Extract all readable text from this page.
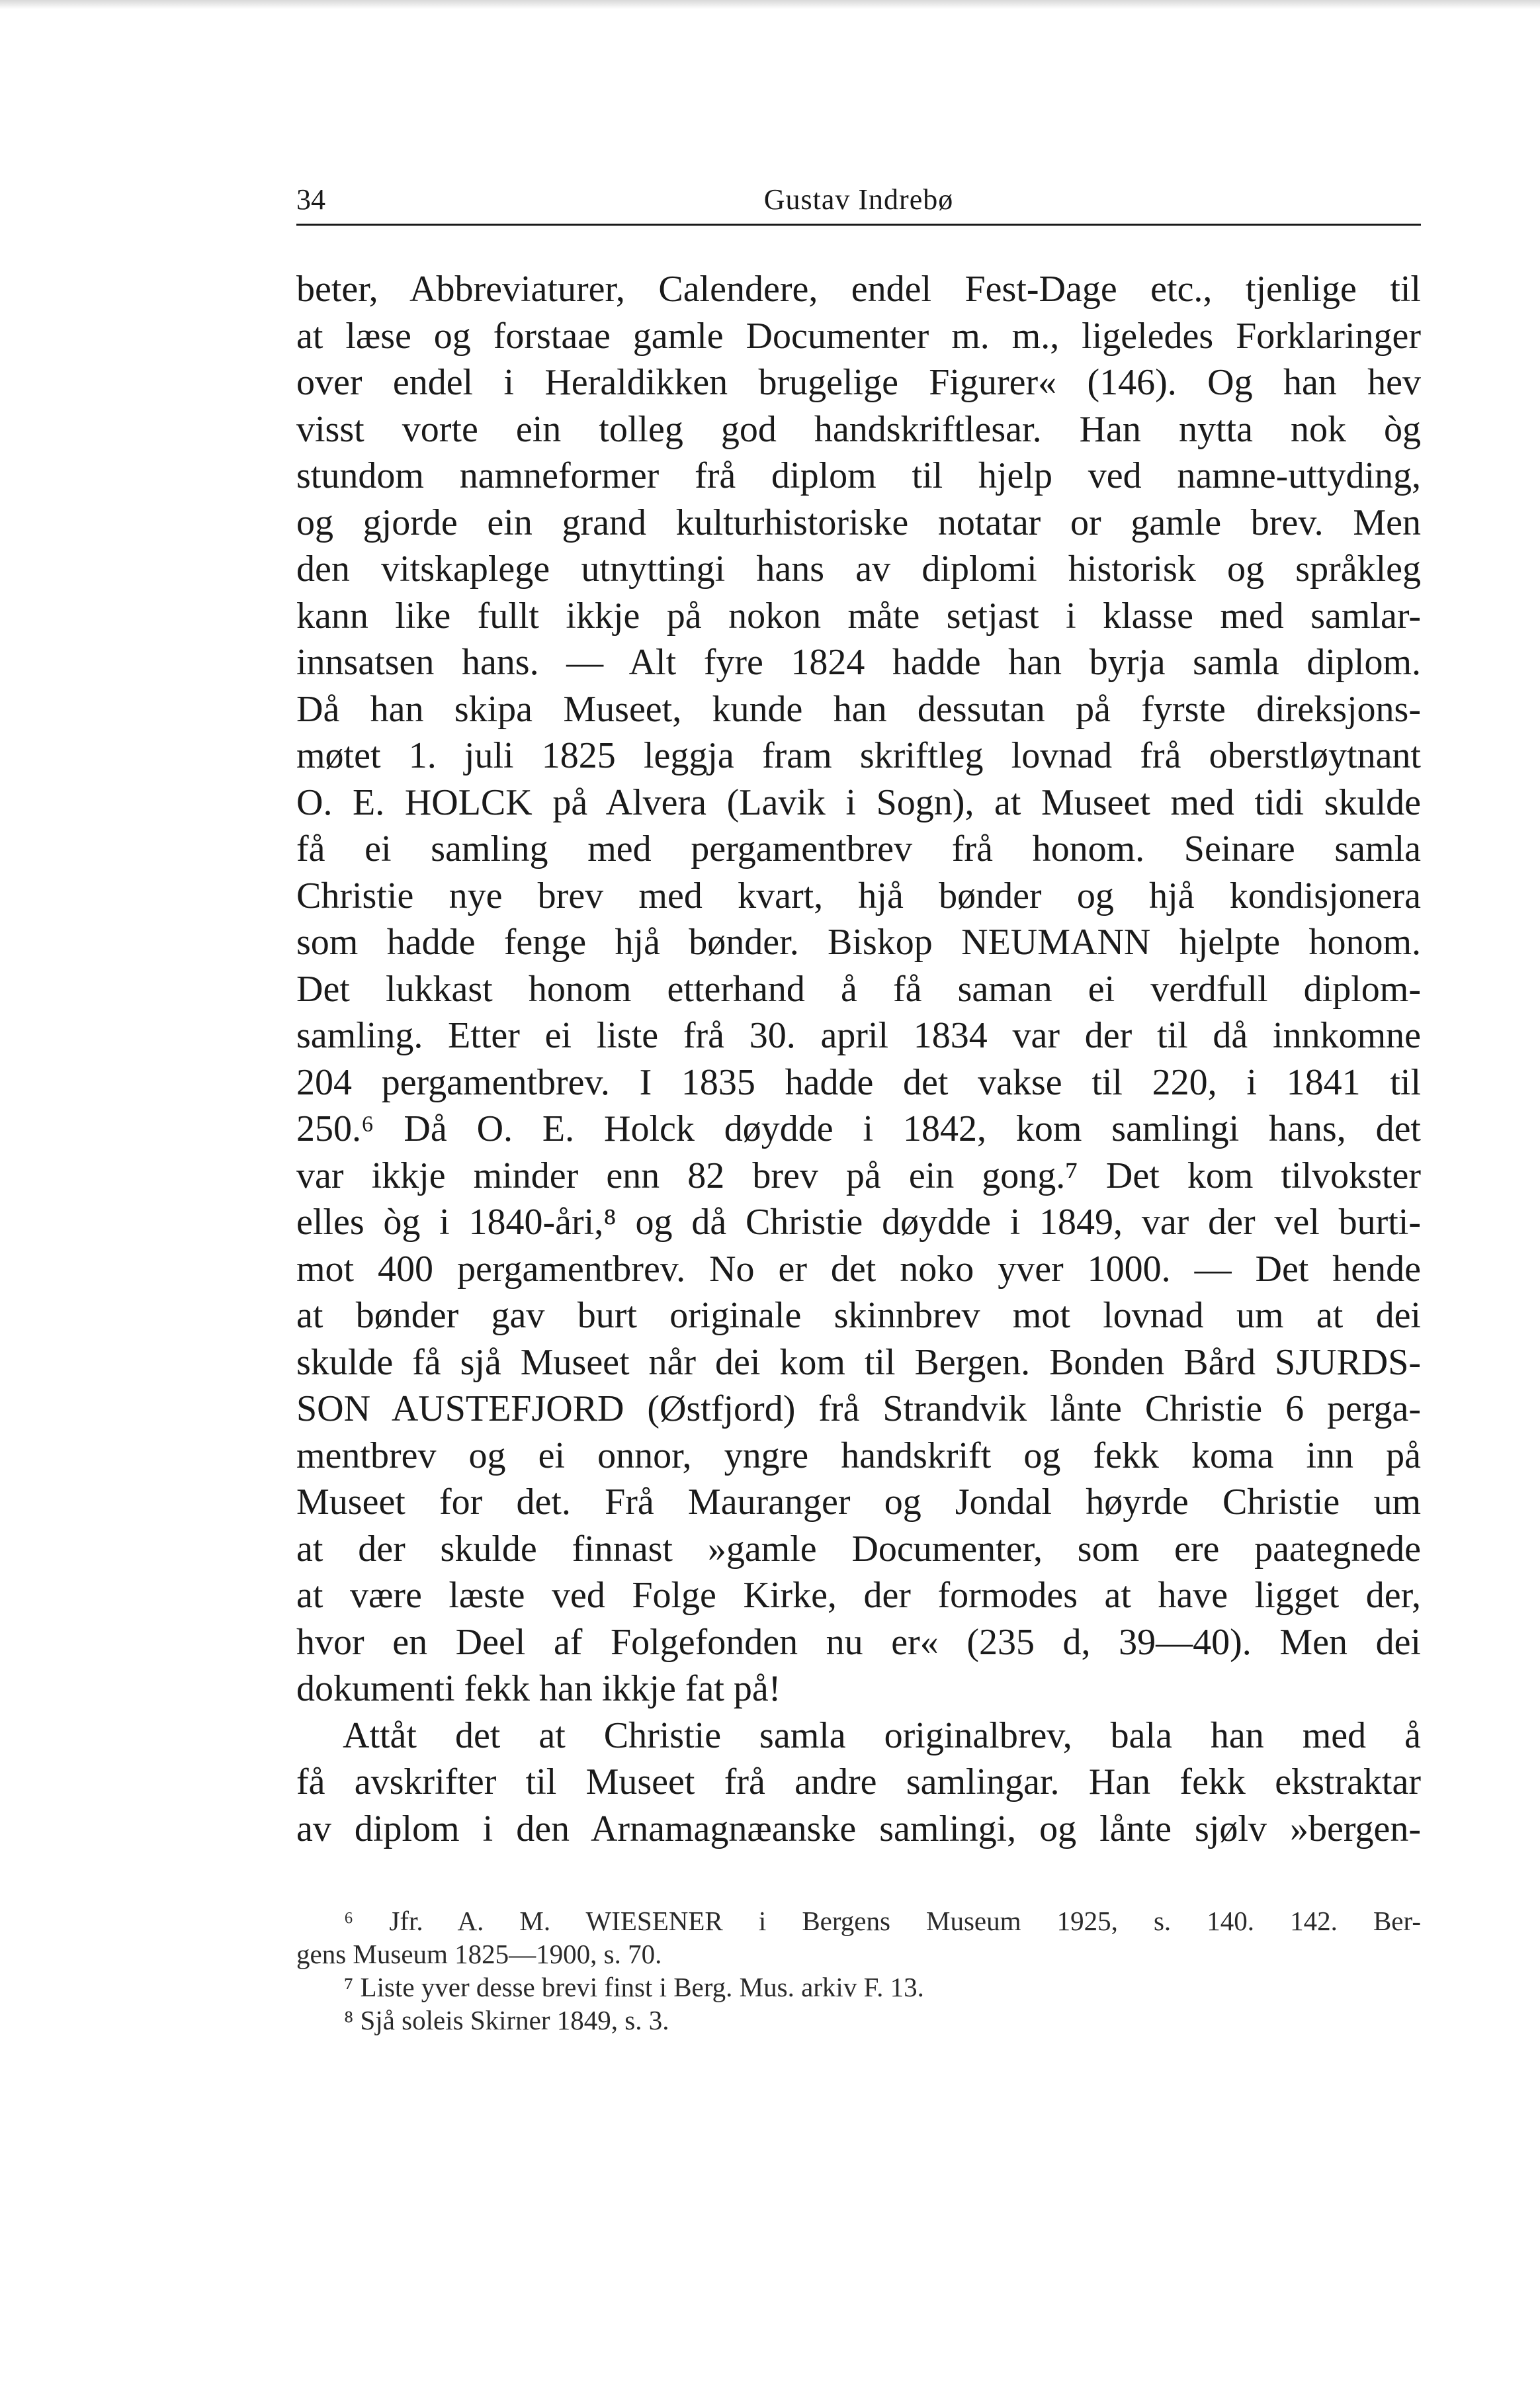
34	Gustav Indrebø
beter, Abbreviaturer, Calendere, endel Fest-Dage etc., tjenlige til
at læse og forstaae gamle Documenter m. m., ligeledes Forklaringer
over endel i Heraldikken brugelige Figurer« (146). Og han hev
visst vorte ein tolleg god handskriftlesar. Han nytta nok òg
stundom namneformer frå diplom til hjelp ved namne-uttyding,
og gjorde ein grand kulturhistoriske notatar or gamle brev. Men
den vitskaplege utnyttingi hans av diplomi historisk og språkleg
kann like fullt ikkje på nokon måte setjast i klasse med samlar-
innsatsen hans. — Alt fyre 1824 hadde han byrja samla diplom.
Då han skipa Museet, kunde han dessutan på fyrste direksjons-
møtet 1. juli 1825 leggja fram skriftleg lovnad frå oberstløytnant
O. E. HOLCK på Alvera (Lavik i Sogn), at Museet med tidi skulde
få ei samling med pergamentbrev frå honom. Seinare samla
Christie nye brev med kvart, hjå bønder og hjå kondisjonera
som hadde fenge hjå bønder. Biskop NEUMANN hjelpte honom.
Det lukkast honom etterhand å få saman ei verdfull diplom-
samling. Etter ei liste frå 30. april 1834 var der til då innkomne
204 pergamentbrev. I 1835 hadde det vakse til 220, i 1841 til
250.⁶ Då O. E. Holck døydde i 1842, kom samlingi hans, det
var ikkje minder enn 82 brev på ein gong.⁷ Det kom tilvokster
elles òg i 1840-åri,⁸ og då Christie døydde i 1849, var der vel burti-
mot 400 pergamentbrev. No er det noko yver 1000. — Det hende
at bønder gav burt originale skinnbrev mot lovnad um at dei
skulde få sjå Museet når dei kom til Bergen. Bonden Bård SJURDS-
SON AUSTEFJORD (Østfjord) frå Strandvik lånte Christie 6 perga-
mentbrev og ei onnor, yngre handskrift og fekk koma inn på
Museet for det. Frå Mauranger og Jondal høyrde Christie um
at der skulde finnast »gamle Documenter, som ere paategnede
at være læste ved Folge Kirke, der formodes at have ligget der,
hvor en Deel af Folgefonden nu er« (235 d, 39—40). Men dei
dokumenti fekk han ikkje fat på!
Attåt det at Christie samla originalbrev, bala han med å
få avskrifter til Museet frå andre samlingar. Han fekk ekstraktar
av diplom i den Arnamagnæanske samlingi, og lånte sjølv »bergen-
⁶ Jfr. A. M. WIESENER i Bergens Museum 1925, s. 140. 142. Ber-
gens Museum 1825—1900, s. 70.
⁷ Liste yver desse brevi finst i Berg. Mus. arkiv F. 13.
⁸ Sjå soleis Skirner 1849, s. 3.
